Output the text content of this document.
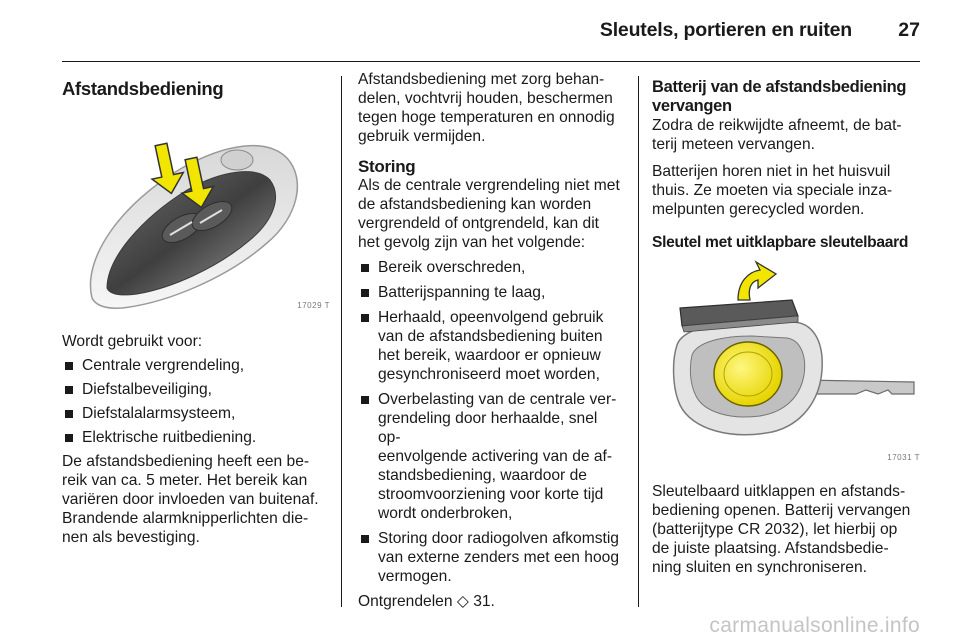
Sleutels, portieren en ruiten 27
Afstandsbediening
17029 T

Wordt gebruikt voor:

Centrale vergrendeling,
Diefstalbeveiliging,
Diefstalalarmsysteem,
Elektrische ruitbediening.

De afstandsbediening heeft een be-
reik van ca. 5 meter. Het bereik kan
variëren door invloeden van buitenaf.
Brandende alarmknipperlichten die-
nen als bevestiging.

Afstandsbediening met zorg behan-
delen, vochtvrij houden, beschermen
tegen hoge temperaturen en onnodig
gebruik vermijden.

Storing

Als de centrale vergrendeling niet met
de afstandsbediening kan worden
vergrendeld of ontgrendeld, kan dit
het gevolg zijn van het volgende:

Bereik overschreden,
Batterijspanning te laag,
Herhaald, opeenvolgend gebruik
van de afstandsbediening buiten
het bereik, waardoor er opnieuw
gesynchroniseerd moet worden,
Overbelasting van de centrale ver-
grendeling door herhaalde, snel op-
eenvolgende activering van de af-
standsbediening, waardoor de
stroomvoorziening voor korte tijd
wordt onderbroken,
Storing door radiogolven afkomstig
van externe zenders met een hoog
vermogen.

Ontgrendelen ◇ 31.

Batterij van de afstandsbediening
vervangen

Zodra de reikwijdte afneemt, de bat-
terij meteen vervangen.

Batterijen horen niet in het huisvuil
thuis. Ze moeten via speciale inza-
melpunten gerecycled worden.

Sleutel met uitklapbare sleutelbaard
17031 T

Sleutelbaard uitklappen en afstands-
bediening openen. Batterij vervangen
(batterijtype CR 2032), let hierbij op
de juiste plaatsing. Afstandsbedie-
ning sluiten en synchroniseren.

carmanualsonline.info
